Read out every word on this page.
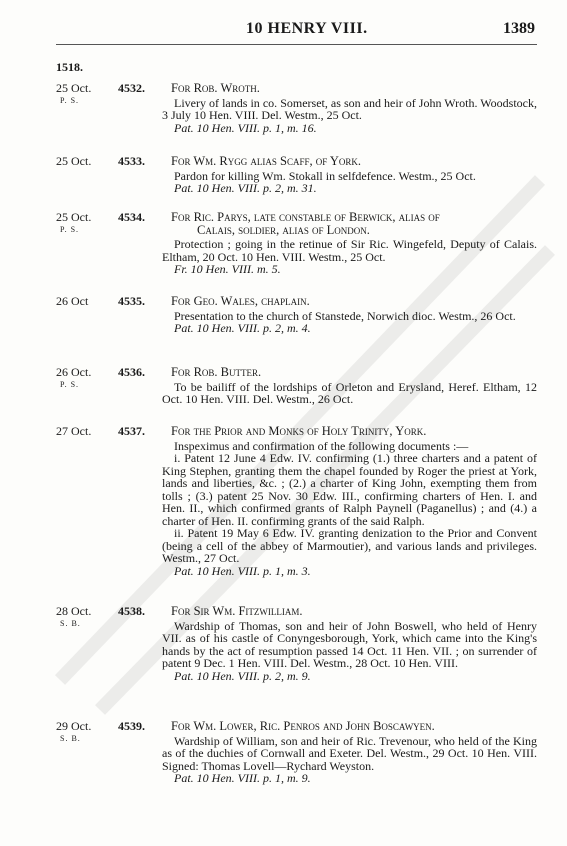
10 HENRY VIII.	1389
1518.
25 Oct.
P. S.
4532.	For Rob. Wroth.

Livery of lands in co. Somerset, as son and heir of John Wroth. Woodstock, 3 July 10 Hen. VIII. Del. Westm., 25 Oct.

Pat. 10 Hen. VIII. p. 1, m. 16.

25 Oct. 4533.	For Wm. Rygg alias Scaff, of York.

Pardon for killing Wm. Stokall in selfdefence. Westm., 25 Oct.

Pat. 10 Hen. VIII. p. 2, m. 31.

25 Oct.
P. S.
4534.	For Ric. Parys, late constable of Berwick, alias of
Calais, soldier, alias of London.

Protection ; going in the retinue of Sir Ric. Wingefeld, Deputy of Calais. Eltham, 20 Oct. 10 Hen. VIII. Westm., 25 Oct.

Fr. 10 Hen. VIII. m. 5.

26 Oct 4535.	For Geo. Wales, chaplain.

Presentation to the church of Stanstede, Norwich dioc. Westm., 26 Oct.

Pat. 10 Hen. VIII. p. 2, m. 4.

26 Oct.
P. S.
4536.	For Rob. Butter.

To be bailiff of the lordships of Orleton and Erysland, Heref. Eltham, 12 Oct. 10 Hen. VIII. Del. Westm., 26 Oct.

27 Oct. 4537.	For the Prior and Monks of Holy Trinity, York.

Inspeximus and confirmation of the following documents :—

i. Patent 12 June 4 Edw. IV. confirming (1.) three charters and a patent of King Stephen, granting them the chapel founded by Roger the priest at York, lands and liberties, &c. ; (2.) a charter of King John, exempting them from tolls ; (3.) patent 25 Nov. 30 Edw. III., confirming charters of Hen. I. and Hen. II., which confirmed grants of Ralph Paynell (Paganellus) ; and (4.) a charter of Hen. II. confirming grants of the said Ralph.

ii. Patent 19 May 6 Edw. IV. granting denization to the Prior and Convent (being a cell of the abbey of Marmoutier), and various lands and privileges. Westm., 27 Oct.

Pat. 10 Hen. VIII. p. 1, m. 3.

28 Oct.
S. B.
4538.	For Sir Wm. Fitzwilliam.

Wardship of Thomas, son and heir of John Boswell, who held of Henry VII. as of his castle of Conyngesborough, York, which came into the King's hands by the act of resumption passed 14 Oct. 11 Hen. VII. ; on surrender of patent 9 Dec. 1 Hen. VIII. Del. Westm., 28 Oct. 10 Hen. VIII.

Pat. 10 Hen. VIII. p. 2, m. 9.

29 Oct.
S. B.
4539.	For Wm. Lower, Ric. Penros and John Boscawyen.

Wardship of William, son and heir of Ric. Trevenour, who held of the King as of the duchies of Cornwall and Exeter. Del. Westm., 29 Oct. 10 Hen. VIII. Signed: Thomas Lovell—Rychard Weyston.

Pat. 10 Hen. VIII. p. 1, m. 9.
